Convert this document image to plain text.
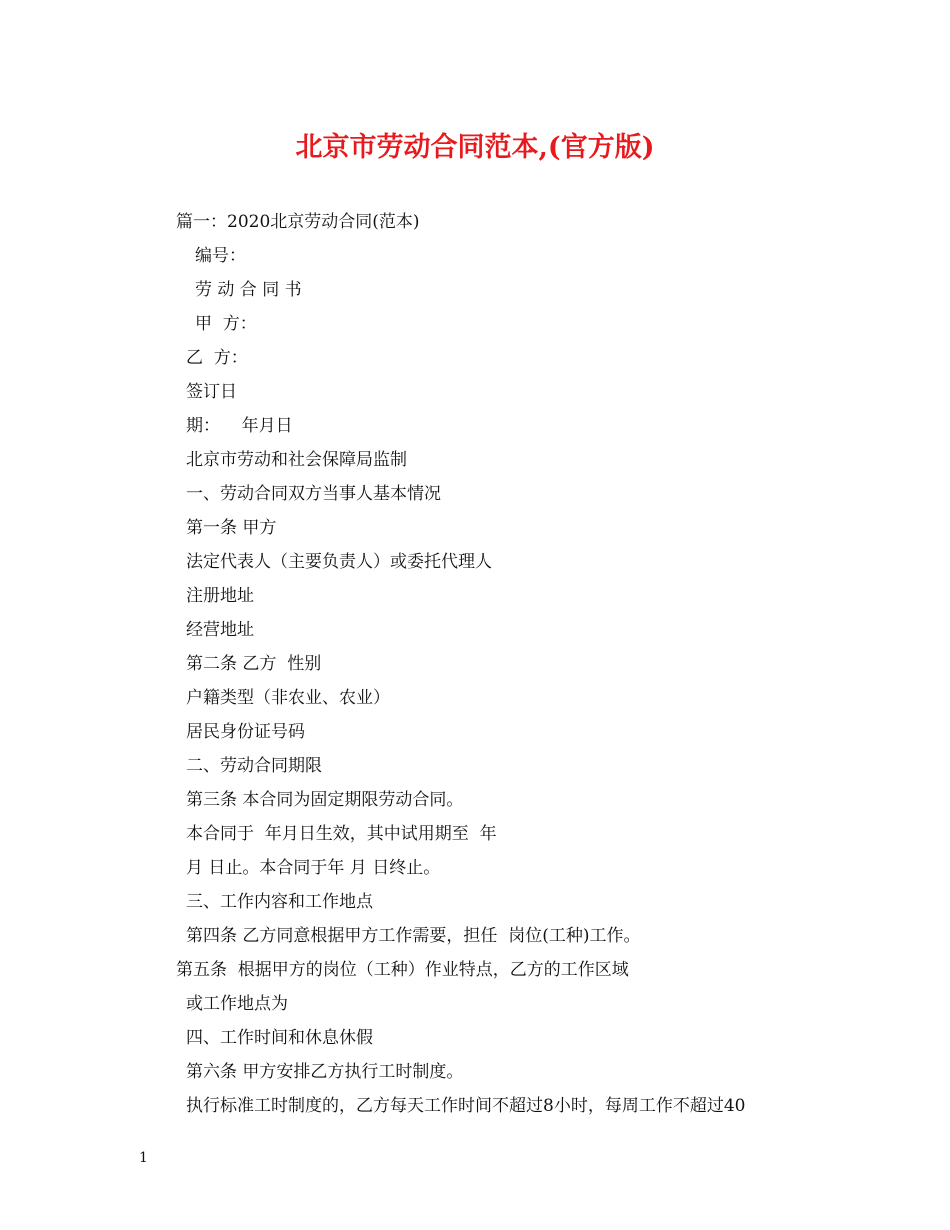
北京市劳动合同范本,(官方版)
篇一：2020北京劳动合同(范本)
编号：
劳 动 合 同 书
甲  方：
乙  方：
签订日
期：    年月日
北京市劳动和社会保障局监制
一、劳动合同双方当事人基本情况
第一条 甲方
法定代表人（主要负责人）或委托代理人
注册地址
经营地址
第二条 乙方  性别
户籍类型（非农业、农业）
居民身份证号码
二、劳动合同期限
第三条 本合同为固定期限劳动合同。
本合同于  年月日生效，其中试用期至  年
月 日止。本合同于年 月 日终止。
三、工作内容和工作地点
第四条 乙方同意根据甲方工作需要，担任  岗位(工种)工作。
第五条  根据甲方的岗位（工种）作业特点，乙方的工作区域
或工作地点为
四、工作时间和休息休假
第六条 甲方安排乙方执行工时制度。
执行标准工时制度的，乙方每天工作时间不超过8小时，每周工作不超过40
1
